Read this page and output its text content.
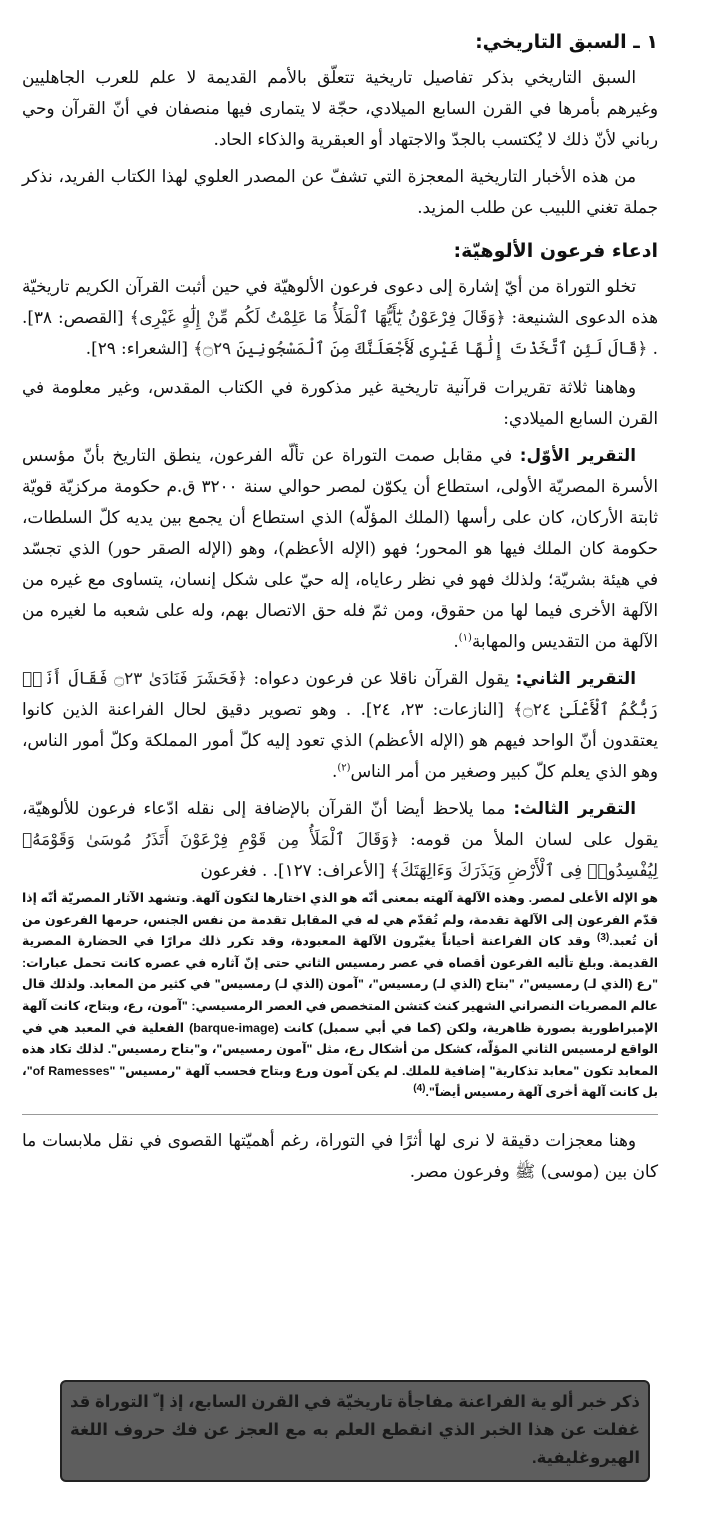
١ ـ السبق التاريخي:

السبق التاريخي بذكر تفاصيل تاريخية تتعلّق بالأمم القديمة لا علم للعرب الجاهليين وغيرهم بأمرها في القرن السابع الميلادي، حجّة لا يتمارى فيها منصفان في أنّ القرآن وحي رباني لأنّ ذلك لا يُكتسب بالجدّ والاجتهاد أو العبقرية والذكاء الحاد.

من هذه الأخبار التاريخية المعجزة التي تشفّ عن المصدر العلوي لهذا الكتاب الفريد، نذكر جملة تغني اللبيب عن طلب المزيد.

ادعاء فرعون الألوهيّة:

تخلو التوراة من أيّ إشارة إلى دعوى فرعون الألوهيّة في حين أثبت القرآن الكريم تاريخيّة هذه الدعوى الشنيعة: ﴿وَقَالَ فِرْعَوْنُ يَٰٓأَيُّهَا ٱلْمَلَأُ مَا عَلِمْتُ لَكُم مِّنْ إِلَٰهٍ غَيْرِى﴾ [القصص: ٣٨]. . ﴿قَالَ لَئِنِ ٱتَّخَذْتَ إِلَٰهًا غَيْرِى لَأَجْعَلَنَّكَ مِنَ ٱلْمَسْجُونِينَ ۝٢٩﴾ [الشعراء: ٢٩].

وهاهنا ثلاثة تقريرات قرآنية تاريخية غير مذكورة في الكتاب المقدس، وغير معلومة في القرن السابع الميلادي:

التقرير الأوّل: في مقابل صمت التوراة عن تألّه الفرعون، ينطق التاريخ بأنّ مؤسس الأسرة المصريّة الأولى، استطاع أن يكوّن لمصر حوالي سنة ٣٢٠٠ ق.م حكومة مركزيّة قويّة ثابتة الأركان، كان على رأسها (الملك المؤلّه) الذي استطاع أن يجمع بين يديه كلّ السلطات، حكومة كان الملك فيها هو المحور؛ فهو (الإله الأعظم)، وهو (الإله الصقر حور) الذي تجسّد في هيئة بشريّة؛ ولذلك فهو في نظر رعاياه، إله حيّ على شكل إنسان، يتساوى مع غيره من الآلهة الأخرى فيما لها من حقوق، ومن ثمّ فله حق الاتصال بهم، وله على شعبه ما لغيره من الآلهة من التقديس والمهابة$^{(١)}$.

التقرير الثاني: يقول القرآن ناقلا عن فرعون دعواه: ﴿فَحَشَرَ فَنَادَىٰ ۝٢٣ فَقَالَ أَنَا۠ رَبُّكُمُ ٱلْأَعْلَىٰ ۝٢٤﴾ [النازعات: ٢٣، ٢٤]. . وهو تصوير دقيق لحال الفراعنة الذين كانوا يعتقدون أنّ الواحد فيهم هو (الإله الأعظم) الذي تعود إليه كلّ أمور المملكة وكلّ أمور الناس، وهو الذي يعلم كلّ كبير وصغير من أمر الناس$^{(٢)}$.

التقرير الثالث: مما يلاحظ أيضا أنّ القرآن بالإضافة إلى نقله ادّعاء فرعون للألوهيّة، يقول على لسان الملأ من قومه: ﴿وَقَالَ ٱلْمَلَأُ مِن قَوْمِ فِرْعَوْنَ أَتَذَرُ مُوسَىٰ وَقَوْمَهُۥ لِيُفْسِدُوا۟ فِى ٱلْأَرْضِ وَيَذَرَكَ وَءَالِهَتَكَ﴾ [الأعراف: ١٢٧]. . فغرعون

هو الإله الأعلى لمصر. وهذه الآلهة آلهته بمعنى أنّه هو الذي اختارها لتكون آلهة. وتشهد الآثار المصريّة أنّه إذا قدّم الفرعون إلى الآلهة تقدمة، ولم تُقدّم هي له في المقابل تقدمة من نفس الجنس، حرمها الفرعون من أن تُعبد.$^{(3)}$ وقد كان الفراعنة أحياناً يغيّرون الآلهة المعبودة، وقد تكرر ذلك مرارًا في الحضارة المصرية القديمة. وبلغ تأليه الفرعون أقصاه في عصر رمسيس الثاني حتى إنّ آثاره في عصره كانت تحمل عبارات: "رع (الذي لـ) رمسيس"، "بتاح (الذي لـ) رمسيس"، "آمون (الذي لـ) رمسيس" في كثير من المعابد. ولذلك قال عالم المصريات النصراني الشهير كنث كتشن المتخصص في العصر الرمسيسي: "آمون، رع، وبتاح، كانت آلهة الإمبراطورية بصورة ظاهرية، ولكن (كما في أبي سمبل) كانت (barque-image) الفعلية في المعبد هي في الواقع لرمسيس الثاني المؤلّه، كشكل من أشكال رع، مثل "آمون رمسيس"، و"بتاح رمسيس". لذلك تكاد هذه المعابد تكون "معابد تذكارية" إضافية للملك. لم يكن آمون ورع وبتاح فحسب آلهة "رمسيس" "of Ramesses"، بل كانت آلهة أخرى آلهة رمسيس أيضاً".$^{(4)}$

وهنا معجزات دقيقة لا نرى لها أثرًا في التوراة، رغم أهميّتها القصوى في نقل ملابسات ما كان بين (موسى) ﷺ وفرعون مصر.

ذكر خبر ألو ية الفراعنة مفاجأة تاريخيّة في القرن السابع، إذ إ ّ التوراة قد غفلت عن هذا الخبر الذي انقطع العلم به مع العجز عن فك حروف اللغة الهيروغليفية.
